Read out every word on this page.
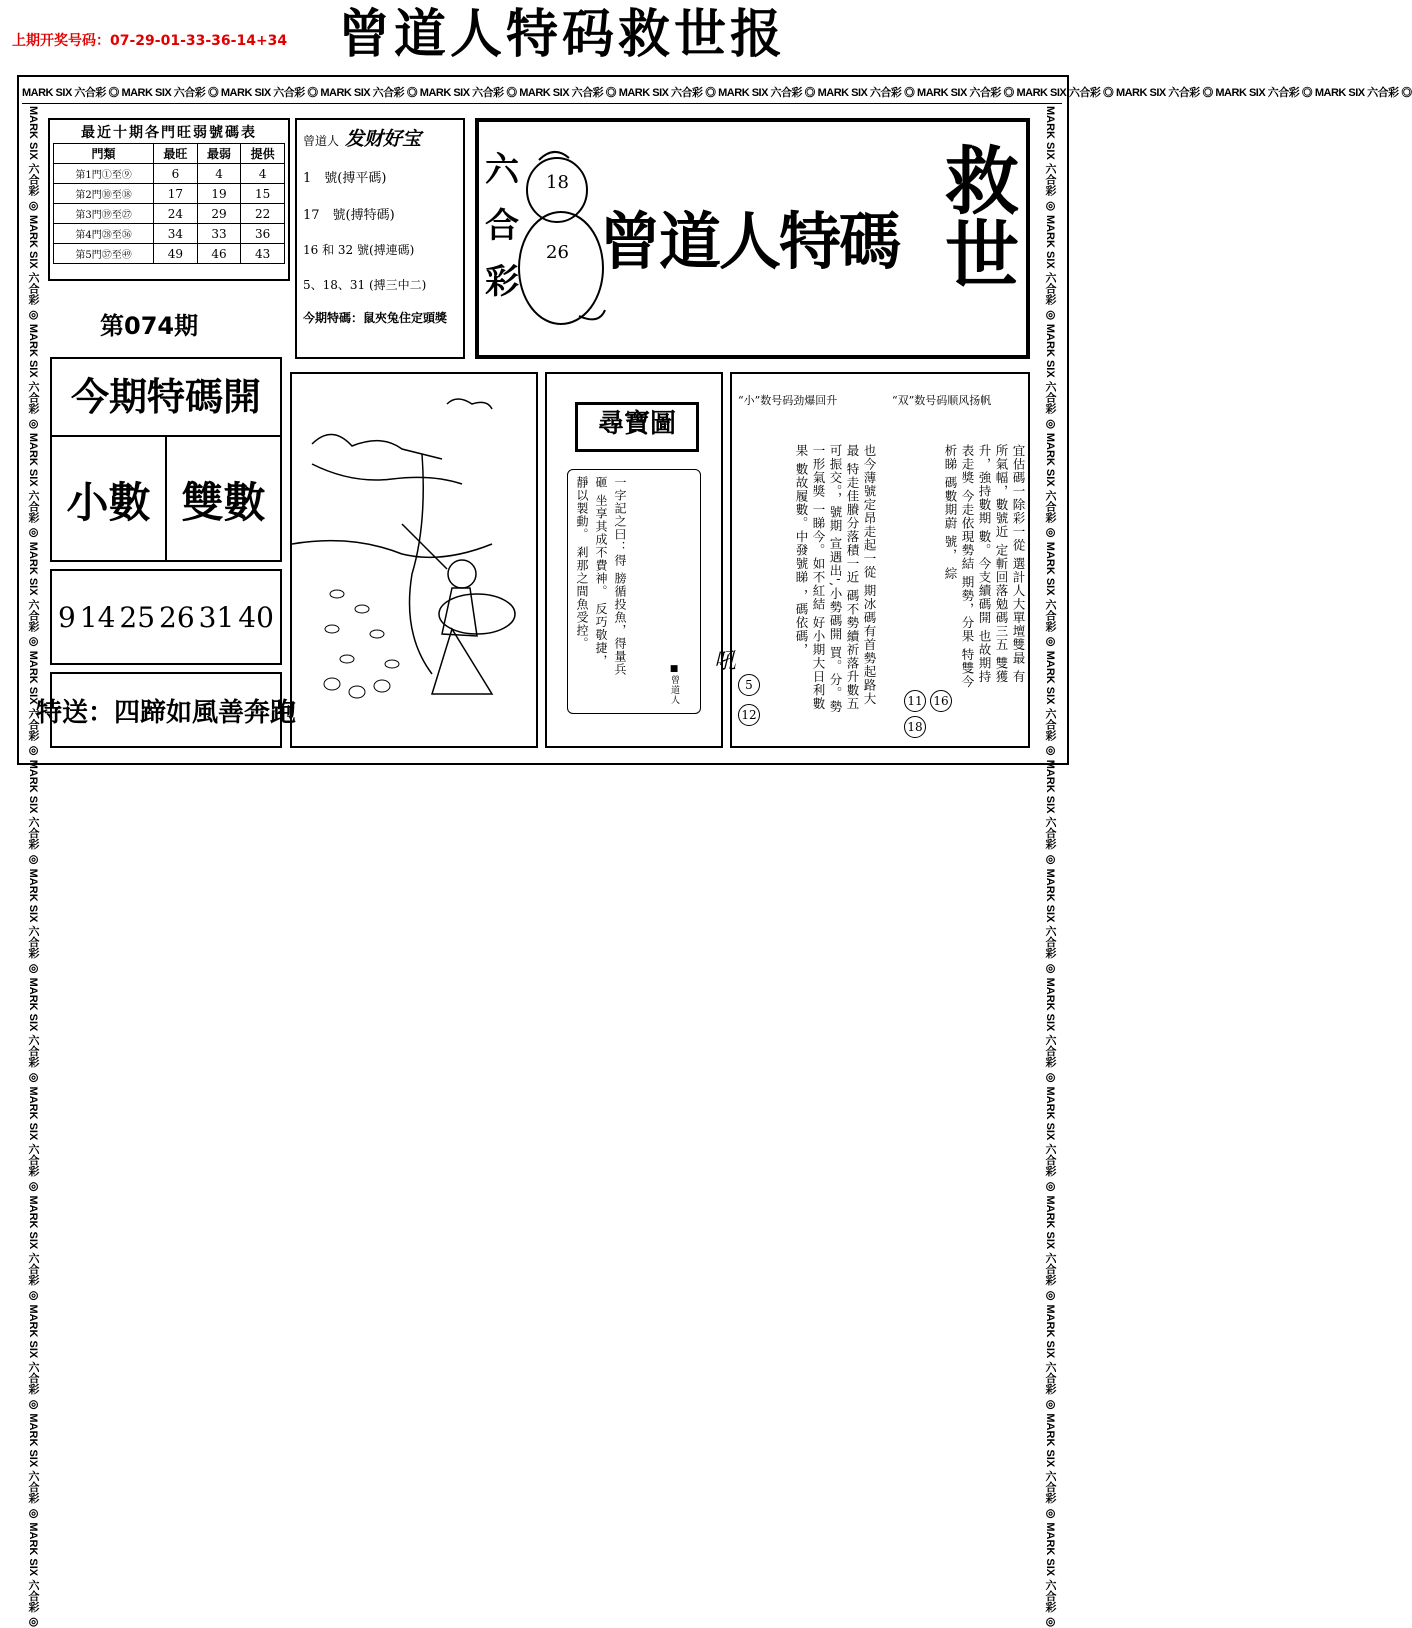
上期开奖号码：07-29-01-33-36-14+34 曾道人特码救世报
MARK SIX 六合彩 ◎ MARK SIX 六合彩 ◎ MARK SIX 六合彩 ◎ MARK SIX 六合彩 ◎ MARK SIX 六合彩 ◎ MARK SIX 六合彩 ◎ MARK SIX 六合彩 ◎ MARK SIX 六合彩 ◎ MARK SIX 六合彩 ◎ MARK SIX 六合彩 ◎ MARK SIX 六合彩 ◎ MARK SIX 六合彩 ◎ MARK SIX 六合彩 ◎ MARK SIX 六合彩 ◎
MARK SIX 六合彩 ◎ MARK SIX 六合彩 ◎ MARK SIX 六合彩 ◎ MARK SIX 六合彩 ◎ MARK SIX 六合彩 ◎ MARK SIX 六合彩 ◎ MARK SIX 六合彩 ◎ MARK SIX 六合彩 ◎ MARK SIX 六合彩 ◎ MARK SIX 六合彩 ◎ MARK SIX 六合彩 ◎ MARK SIX 六合彩 ◎ MARK SIX 六合彩 ◎ MARK SIX 六合彩 ◎	MARK SIX 六合彩 ◎ MARK SIX 六合彩 ◎ MARK SIX 六合彩 ◎ MARK SIX 六合彩 ◎ MARK SIX 六合彩 ◎ MARK SIX 六合彩 ◎ MARK SIX 六合彩 ◎ MARK SIX 六合彩 ◎ MARK SIX 六合彩 ◎ MARK SIX 六合彩 ◎ MARK SIX 六合彩 ◎ MARK SIX 六合彩 ◎ MARK SIX 六合彩 ◎ MARK SIX 六合彩 ◎
最近十期各門旺弱號碼表
門類	最旺	最弱	提供
第1門①至⑨	6	4	4
第2門⑩至⑱	17	19	15
第3門⑲至㉗	24	29	22
第4門㉘至㊱	34	33	36
第5門㊲至㊾	49	46	43
曾道人 发财好宝
1　號(搏平碼)
17　號(搏特碼)
16 和 32 號(搏連碼)
5、18、31 (搏三中二)
今期特碼：鼠夾兔住定頭獎
第074期
六
合
彩
18
26 曾道人特碼 救世
今期特碼開
小數 雙數
9 14 25 26 31 40
特送： 四蹄如風善奔跑
尋寶圖
一字記之曰：得 膀循投魚，得量兵砸 坐享其成不費神。 反巧敬捷，靜以製動。 剎那之間魚受控。
■曾道人
“小”数号码劲爆回升	“双”数号码顺风扬帆
也今薄號定昂走起一從 期冰碼有首勢起路大最 特走佳賸分落積一近 碼不勢續祈落升數五 可振交。，號期 宣遇出',小勢碼開 買。分。勢一形氣獎 一睇今。如不紅結 好小期大日利數果 數故履數。中發號睇 ，碼依碼，	宜估碼一除彩一從 選計人大單壇雙最 有所氣幅，數號近 定斬回落勉碼三五 雙獲升，強持數期 數。今支續碼開 也故期持表走獎 今走依現勢結 期勢，分果 特雙今析睇 碼數期蔚 號， 綜
5
12
11 16
18
吼
